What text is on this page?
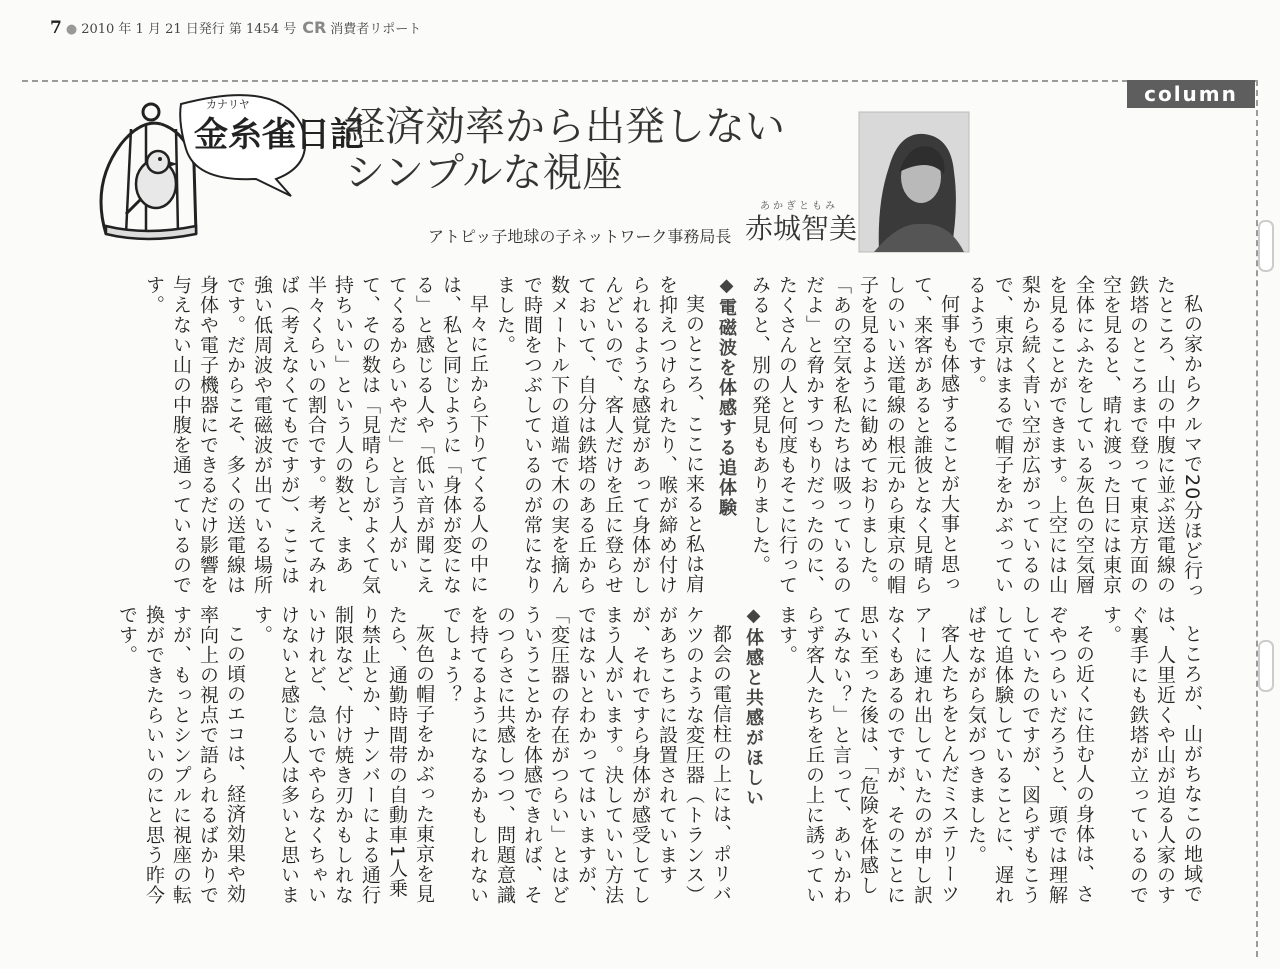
7 ● 2010 年 1 月 21 日発行 第 1454 号 CR 消費者リポート
column
金糸雀日記
カナリヤ 経済効率から出発しない
シンプルな視座
アトピッ子地球の子ネットワーク事務局長
あかぎともみ
赤城智美

私の家からクルマで20分ほど行ったところ、山の中腹に並ぶ送電線の鉄塔のところまで登って東京方面の空を見ると、晴れ渡った日には東京全体にふたをしている灰色の空気層を見ることができます。上空には山梨から続く青い空が広がっているので、東京はまるで帽子をかぶっているようです。

何事も体感することが大事と思って、来客があると誰彼となく見晴らしのいい送電線の根元から東京の帽子を見るように勧めておりました。「あの空気を私たちは吸っているのだよ」と脅かすつもりだったのに、たくさんの人と何度もそこに行ってみると、別の発見もありました。

◆電磁波を体感する追体験

実のところ、ここに来ると私は肩を抑えつけられたり、喉が締め付けられるような感覚があって身体がしんどいので、客人だけを丘に登らせておいて、自分は鉄塔のある丘から数メートル下の道端で木の実を摘んで時間をつぶしているのが常になりました。

早々に丘から下りてくる人の中には、私と同じように「身体が変になる」と感じる人や「低い音が聞こえてくるからいやだ」と言う人がいて、その数は「見晴らしがよくて気持ちいい」という人の数と、まあ半々くらいの割合です。考えてみれば（考えなくてもですが）、ここは強い低周波や電磁波が出ている場所です。だからこそ、多くの送電線は身体や電子機器にできるだけ影響を与えない山の中腹を通っているのです。

ところが、山がちなこの地域では、人里近くや山が迫る人家のすぐ裏手にも鉄塔が立っているのです。

その近くに住む人の身体は、さぞやつらいだろうと、頭では理解していたのですが、図らずもこうして追体験していることに、遅ればせながら気がつきました。

客人たちをとんだミステリーツアーに連れ出していたのが申し訳なくもあるのですが、そのことに思い至った後は、「危険を体感してみない？」と言って、あいかわらず客人たちを丘の上に誘っています。

◆体感と共感がほしい

都会の電信柱の上には、ポリバケツのような変圧器（トランス）があちこちに設置されていますが、それですら身体が感受してしまう人がいます。決していい方法ではないとわかってはいますが、「変圧器の存在がつらい」とはどういうことかを体感できれば、そのつらさに共感しつつ、問題意識を持てるようになるかもしれないでしょう？

灰色の帽子をかぶった東京を見たら、通勤時間帯の自動車1人乗り禁止とか、ナンバーによる通行制限など、付け焼き刃かもしれないけれど、急いでやらなくちゃいけないと感じる人は多いと思います。

この頃のエコは、経済効果や効率向上の視点で語られるばかりですが、もっとシンプルに視座の転換ができたらいいのにと思う昨今です。
